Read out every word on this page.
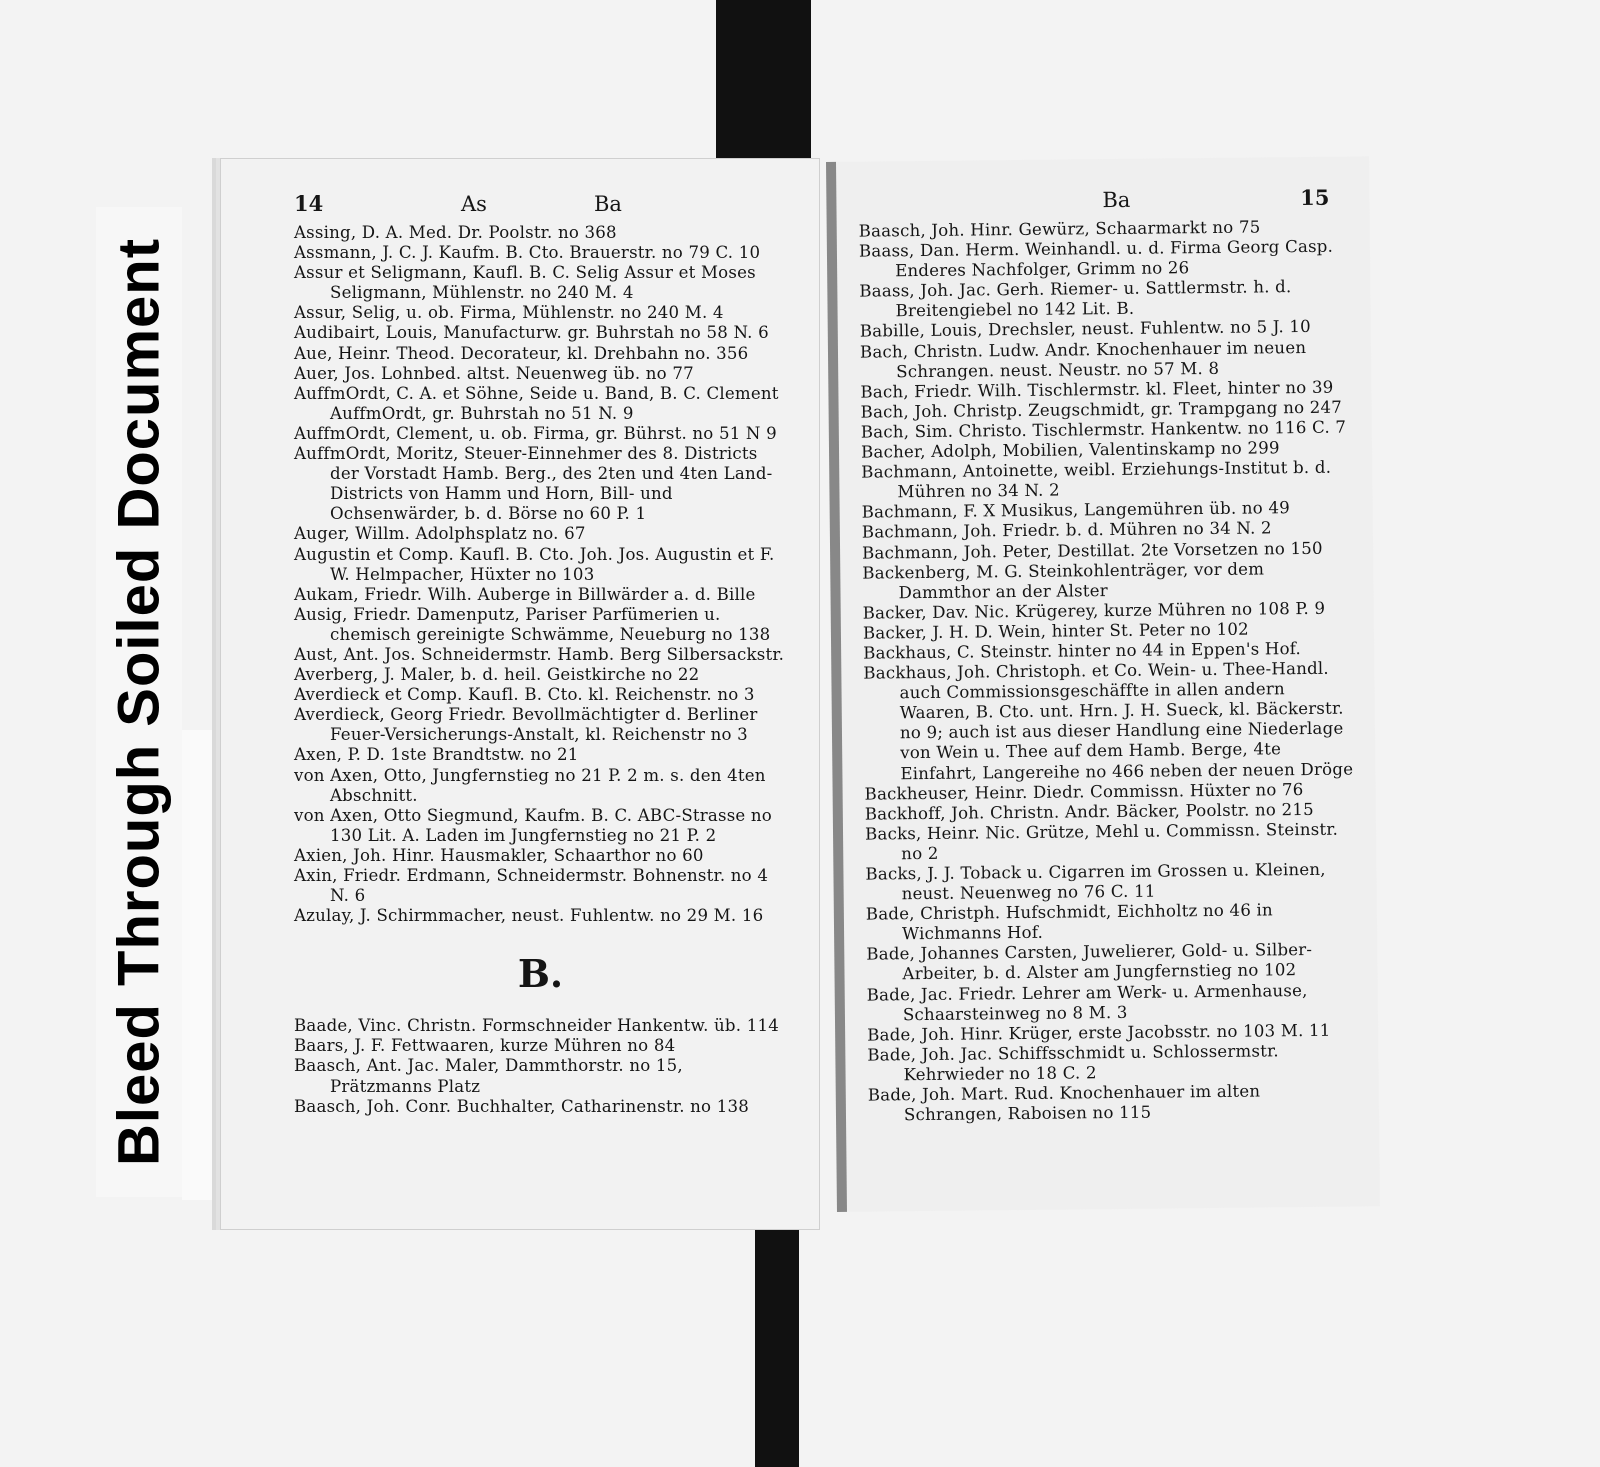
Bleed Through Soiled Document
14	As	Ba

Assing, D. A. Med. Dr. Poolstr. no 368

Assmann, J. C. J. Kaufm. B. Cto. Brauerstr. no 79 C. 10

Assur et Seligmann, Kaufl. B. C. Selig Assur et Moses Seligmann, Mühlenstr. no 240 M. 4

Assur, Selig, u. ob. Firma, Mühlenstr. no 240 M. 4

Audibairt, Louis, Manufacturw. gr. Buhrstah no 58 N. 6

Aue, Heinr. Theod. Decorateur, kl. Drehbahn no. 356

Auer, Jos. Lohnbed. altst. Neuenweg üb. no 77

AuffmOrdt, C. A. et Söhne, Seide u. Band, B. C. Clement AuffmOrdt, gr. Buhrstah no 51 N. 9

AuffmOrdt, Clement, u. ob. Firma, gr. Bührst. no 51 N 9

AuffmOrdt, Moritz, Steuer-Einnehmer des 8. Districts der Vorstadt Hamb. Berg., des 2ten und 4ten Land-Districts von Hamm und Horn, Bill- und Ochsenwärder, b. d. Börse no 60 P. 1

Auger, Willm. Adolphsplatz no. 67

Augustin et Comp. Kaufl. B. Cto. Joh. Jos. Augustin et F. W. Helmpacher, Hüxter no 103

Aukam, Friedr. Wilh. Auberge in Billwärder a. d. Bille

Ausig, Friedr. Damenputz, Pariser Parfümerien u. chemisch gereinigte Schwämme, Neueburg no 138

Aust, Ant. Jos. Schneidermstr. Hamb. Berg Silbersackstr.

Averberg, J. Maler, b. d. heil. Geistkirche no 22

Averdieck et Comp. Kaufl. B. Cto. kl. Reichenstr. no 3

Averdieck, Georg Friedr. Bevollmächtigter d. Berliner Feuer-Versicherungs-Anstalt, kl. Reichenstr no 3

Axen, P. D. 1ste Brandtstw. no 21

von Axen, Otto, Jungfernstieg no 21 P. 2 m. s. den 4ten Abschnitt.

von Axen, Otto Siegmund, Kaufm. B. C. ABC-Strasse no 130 Lit. A. Laden im Jungfernstieg no 21 P. 2

Axien, Joh. Hinr. Hausmakler, Schaarthor no 60

Axin, Friedr. Erdmann, Schneidermstr. Bohnenstr. no 4 N. 6

Azulay, J. Schirmmacher, neust. Fuhlentw. no 29 M. 16

B.

Baade, Vinc. Christn. Formschneider Hankentw. üb. 114

Baars, J. F. Fettwaaren, kurze Mühren no 84

Baasch, Ant. Jac. Maler, Dammthorstr. no 15, Prätzmanns Platz

Baasch, Joh. Conr. Buchhalter, Catharinenstr. no 138

Ba	15

Baasch, Joh. Hinr. Gewürz, Schaarmarkt no 75

Baass, Dan. Herm. Weinhandl. u. d. Firma Georg Casp. Enderes Nachfolger, Grimm no 26

Baass, Joh. Jac. Gerh. Riemer- u. Sattlermstr. h. d. Breitengiebel no 142 Lit. B.

Babille, Louis, Drechsler, neust. Fuhlentw. no 5 J. 10

Bach, Christn. Ludw. Andr. Knochenhauer im neuen Schrangen. neust. Neustr. no 57 M. 8

Bach, Friedr. Wilh. Tischlermstr. kl. Fleet, hinter no 39

Bach, Joh. Christp. Zeugschmidt, gr. Trampgang no 247

Bach, Sim. Christo. Tischlermstr. Hankentw. no 116 C. 7

Bacher, Adolph, Mobilien, Valentinskamp no 299

Bachmann, Antoinette, weibl. Erziehungs-Institut b. d. Mühren no 34 N. 2

Bachmann, F. X Musikus, Langemühren üb. no 49

Bachmann, Joh. Friedr. b. d. Mühren no 34 N. 2

Bachmann, Joh. Peter, Destillat. 2te Vorsetzen no 150

Backenberg, M. G. Steinkohlenträger, vor dem Dammthor an der Alster

Backer, Dav. Nic. Krügerey, kurze Mühren no 108 P. 9

Backer, J. H. D. Wein, hinter St. Peter no 102

Backhaus, C. Steinstr. hinter no 44 in Eppen's Hof.

Backhaus, Joh. Christoph. et Co. Wein- u. Thee-Handl. auch Commissionsgeschäffte in allen andern Waaren, B. Cto. unt. Hrn. J. H. Sueck, kl. Bäckerstr. no 9; auch ist aus dieser Handlung eine Niederlage von Wein u. Thee auf dem Hamb. Berge, 4te Einfahrt, Langereihe no 466 neben der neuen Dröge

Backheuser, Heinr. Diedr. Commissn. Hüxter no 76

Backhoff, Joh. Christn. Andr. Bäcker, Poolstr. no 215

Backs, Heinr. Nic. Grütze, Mehl u. Commissn. Steinstr. no 2

Backs, J. J. Toback u. Cigarren im Grossen u. Kleinen, neust. Neuenweg no 76 C. 11

Bade, Christph. Hufschmidt, Eichholtz no 46 in Wichmanns Hof.

Bade, Johannes Carsten, Juwelierer, Gold- u. Silber-Arbeiter, b. d. Alster am Jungfernstieg no 102

Bade, Jac. Friedr. Lehrer am Werk- u. Armenhause, Schaarsteinweg no 8 M. 3

Bade, Joh. Hinr. Krüger, erste Jacobsstr. no 103 M. 11

Bade, Joh. Jac. Schiffsschmidt u. Schlossermstr. Kehrwieder no 18 C. 2

Bade, Joh. Mart. Rud. Knochenhauer im alten Schrangen, Raboisen no 115
